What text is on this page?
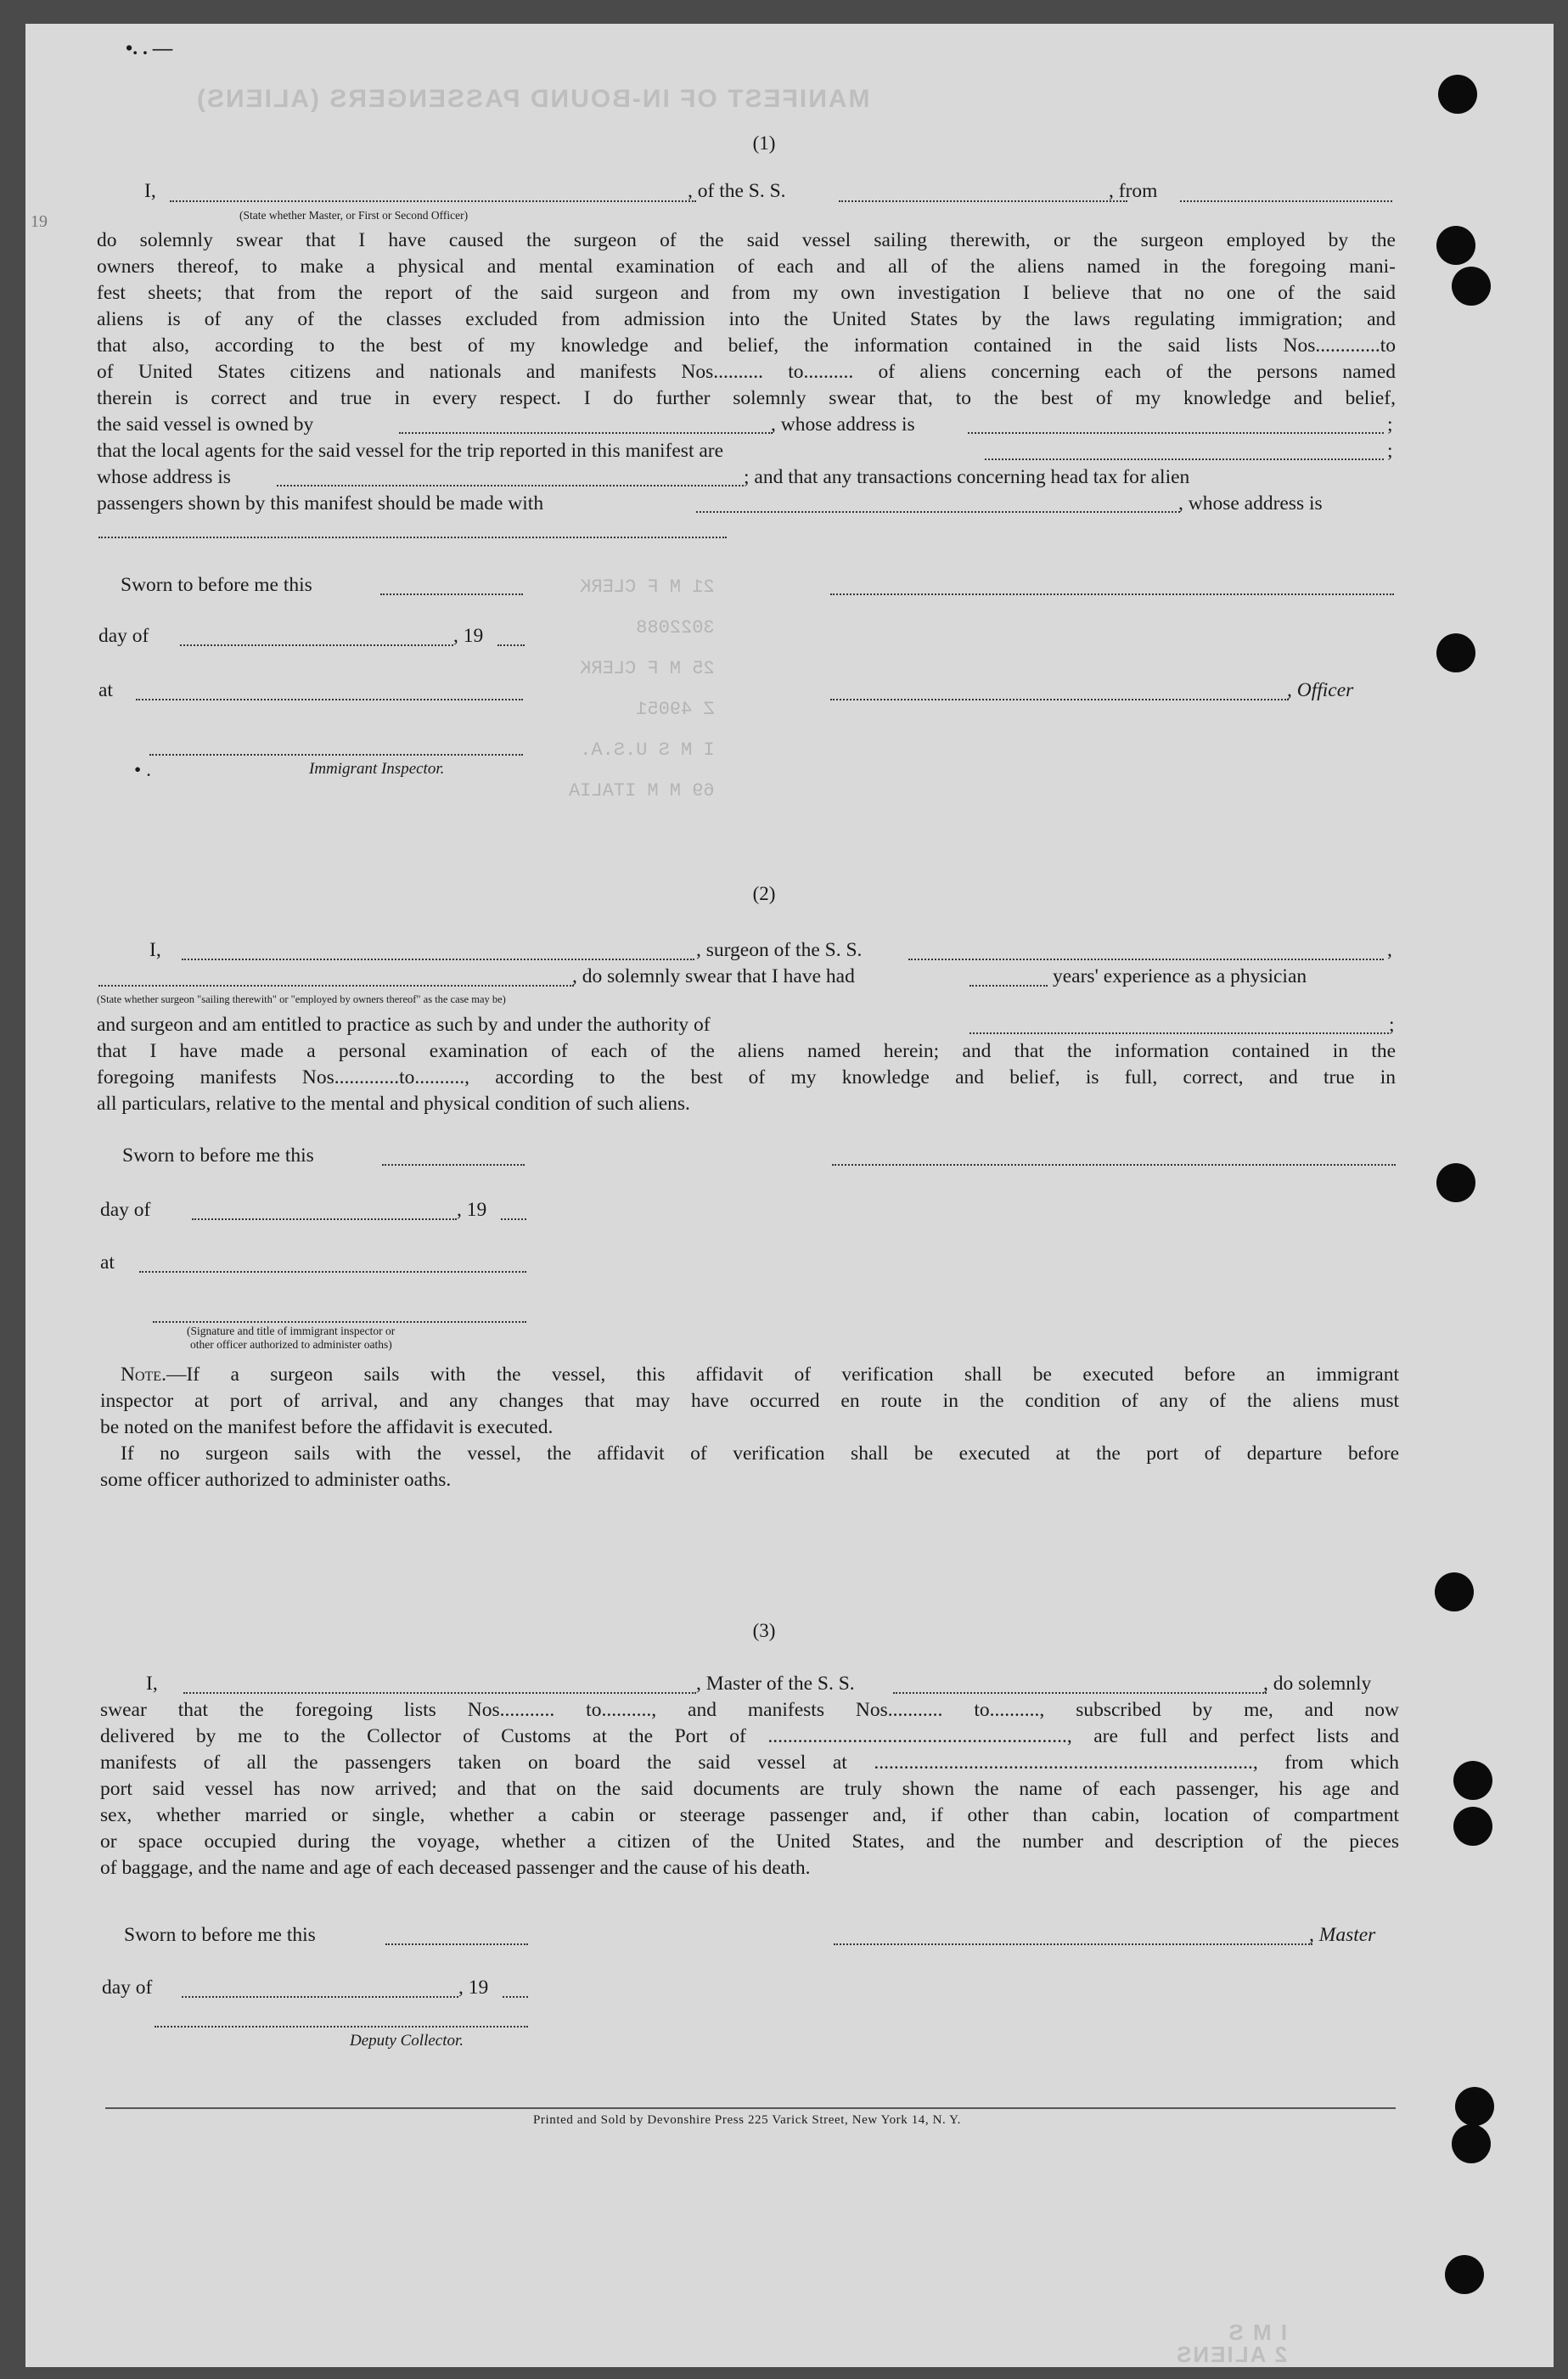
MANIFEST OF IN-BOUND PASSENGERS (ALIENS)
21 M F CLERK
3022088
25 M F CLERK
Z 49051
I M S U.S.A.
69 M M ITALIA
•. . —
19
(1)
I,	, of the S. S.	, from
(State whether Master, or First or Second Officer)
do solemnly swear that I have caused the surgeon of the said vessel sailing therewith, or the surgeon employed by the
owners thereof, to make a physical and mental examination of each and all of the aliens named in the foregoing mani-
fest sheets; that from the report of the said surgeon and from my own investigation I believe that no one of the said
aliens is of any of the classes excluded from admission into the United States by the laws regulating immigration; and
that also, according to the best of my knowledge and belief, the information contained in the said lists Nos.............to
of United States citizens and nationals and manifests Nos.......... to.......... of aliens concerning each of the persons named
therein is correct and true in every respect. I do further solemnly swear that, to the best of my knowledge and belief,
the said vessel is owned by	, whose address is	;
that the local agents for the said vessel for the trip reported in this manifest are	;
whose address is	; and that any transactions concerning head tax for alien
passengers shown by this manifest should be made with	, whose address is
Sworn to before me this
day of	, 19
at	, Officer
Immigrant Inspector.
• .
(2)
I,	, surgeon of the S. S.	,
, do solemnly swear that I have had	years' experience as a physician
(State whether surgeon "sailing therewith" or "employed by owners thereof" as the case may be)
and surgeon and am entitled to practice as such by and under the authority of	;
that I have made a personal examination of each of the aliens named herein; and that the information contained in the
foregoing manifests Nos.............to.........., according to the best of my knowledge and belief, is full, correct, and true in
all particulars, relative to the mental and physical condition of such aliens.
Sworn to before me this
day of	, 19
at
(Signature and title of immigrant inspector or
other officer authorized to administer oaths)
Note.—If a surgeon sails with the vessel, this affidavit of verification shall be executed before an immigrant
inspector at port of arrival, and any changes that may have occurred en route in the condition of any of the aliens must
be noted on the manifest before the affidavit is executed.
If no surgeon sails with the vessel, the affidavit of verification shall be executed at the port of departure before
some officer authorized to administer oaths.
(3)
I,	, Master of the S. S.	, do solemnly
swear that the foregoing lists Nos........... to.........., and manifests Nos........... to.........., subscribed by me, and now
delivered by me to the Collector of Customs at the Port of ............................................................, are full and perfect lists and
manifests of all the passengers taken on board the said vessel at ............................................................................, from which
port said vessel has now arrived; and that on the said documents are truly shown the name of each passenger, his age and
sex, whether married or single, whether a cabin or steerage passenger and, if other than cabin, location of compartment
or space occupied during the voyage, whether a citizen of the United States, and the number and description of the pieces
of baggage, and the name and age of each deceased passenger and the cause of his death.
Sworn to before me this	, Master
day of	, 19
Deputy Collector.
Printed and Sold by Devonshire Press 225 Varick Street, New York 14, N. Y.
I M S
2 ALIENS
